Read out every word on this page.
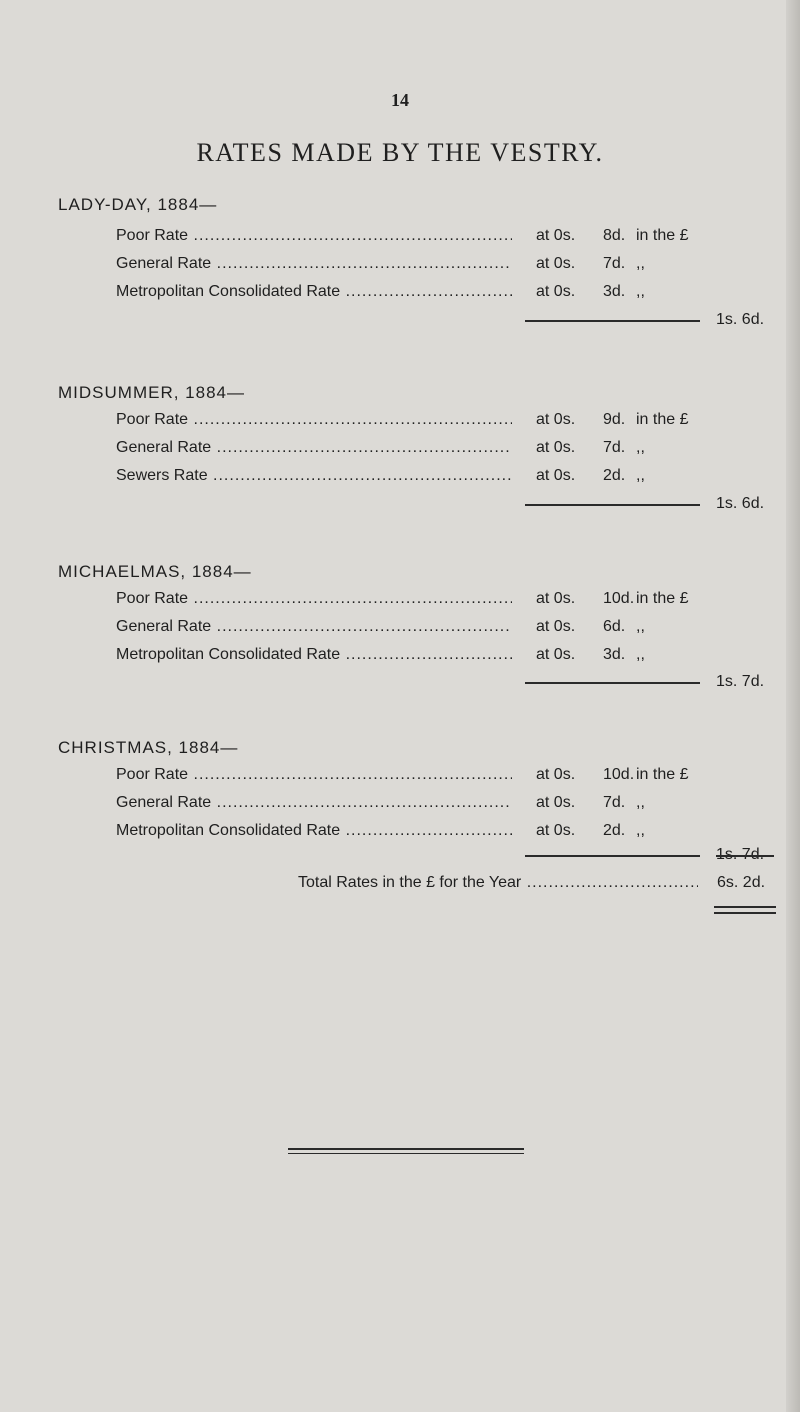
14
RATES MADE BY THE VESTRY.
LADY-DAY, 1884—
Poor Rate .....	at 0s. 8d. in the £
General Rate .....	at 0s. 7d. ,,
Metropolitan Consolidated Rate .....	at 0s. 3d. ,,
1s. 6d.
MIDSUMMER, 1884—
Poor Rate .....	at 0s. 9d. in the £
General Rate .....	at 0s. 7d. ,,
Sewers Rate .....	at 0s. 2d. ,,
1s. 6d.
MICHAELMAS, 1884—
Poor Rate .....	at 0s. 10d. in the £
General Rate .....	at 0s. 6d. ,,
Metropolitan Consolidated Rate .....	at 0s. 3d. ,,
1s. 7d.
CHRISTMAS, 1884—
Poor Rate .....	at 0s. 10d. in the £
General Rate .....	at 0s. 7d. ,,
Metropolitan Consolidated Rate .....	at 0s. 2d. ,,
1s. 7d.
Total Rates in the £ for the Year .....	6s. 2d.
